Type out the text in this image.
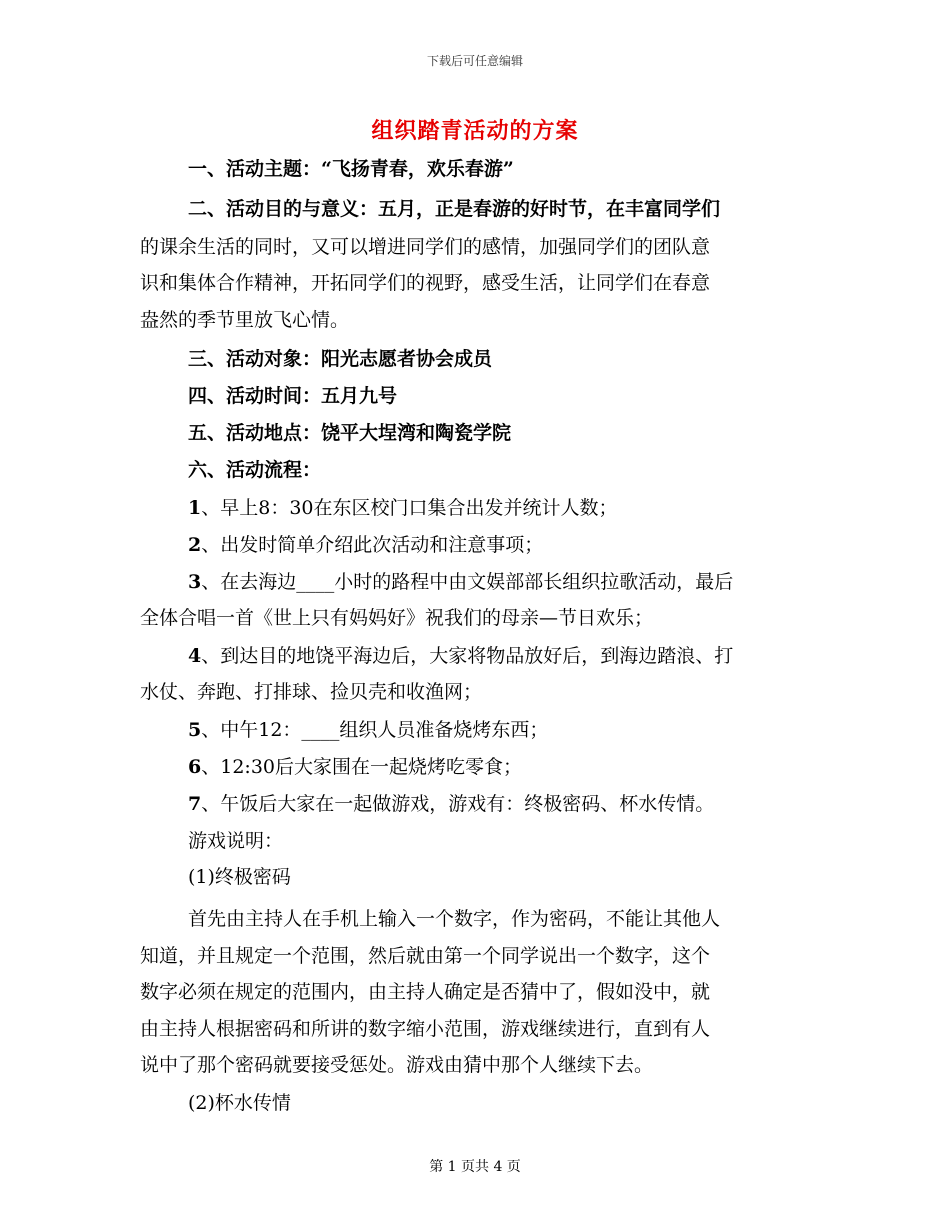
下载后可任意编辑
组织踏青活动的方案
一、活动主题：“飞扬青春，欢乐春游”
二、活动目的与意义：五月，正是春游的好时节，在丰富同学们
的课余生活的同时，又可以增进同学们的感情，加强同学们的团队意
识和集体合作精神，开拓同学们的视野，感受生活，让同学们在春意
盎然的季节里放飞心情。
三、活动对象：阳光志愿者协会成员
四、活动时间：五月九号
五、活动地点：饶平大埕湾和陶瓷学院
六、活动流程：
1、早上8：30在东区校门口集合出发并统计人数；
2、出发时简单介绍此次活动和注意事项；
3、在去海边____小时的路程中由文娱部部长组织拉歌活动，最后
全体合唱一首《世上只有妈妈好》祝我们的母亲—节日欢乐；
4、到达目的地饶平海边后，大家将物品放好后，到海边踏浪、打
水仗、奔跑、打排球、捡贝壳和收渔网；
5、中午12：____组织人员准备烧烤东西；
6、12:30后大家围在一起烧烤吃零食；
7、午饭后大家在一起做游戏，游戏有：终极密码、杯水传情。
游戏说明：
(1)终极密码
首先由主持人在手机上输入一个数字，作为密码，不能让其他人
知道，并且规定一个范围，然后就由第一个同学说出一个数字，这个
数字必须在规定的范围内，由主持人确定是否猜中了，假如没中，就
由主持人根据密码和所讲的数字缩小范围，游戏继续进行，直到有人
说中了那个密码就要接受惩处。游戏由猜中那个人继续下去。
(2)杯水传情
第 1 页共 4 页
